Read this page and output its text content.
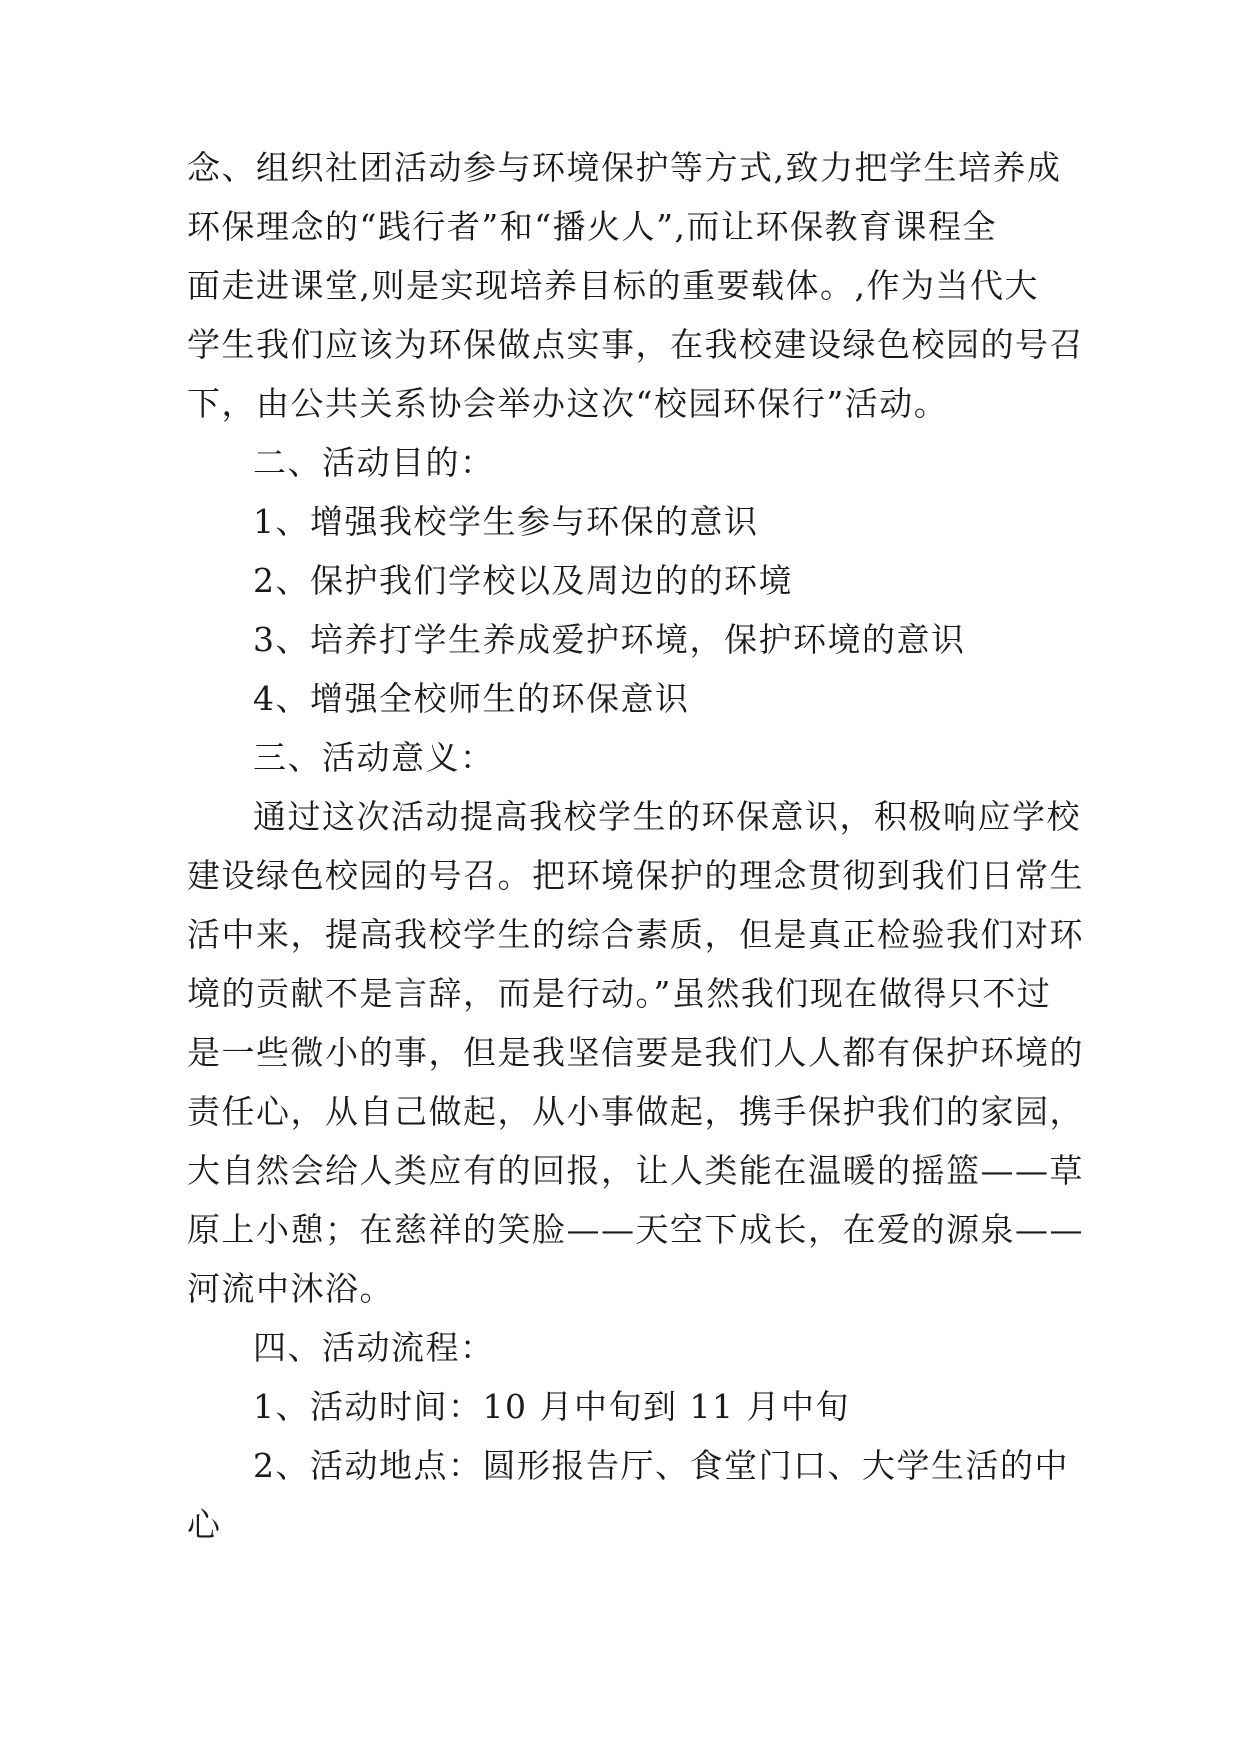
念、组织社团活动参与环境保护等方式,致力把学生培养成
环保理念的“践行者”和“播火人”,而让环保教育课程全
面走进课堂,则是实现培养目标的重要载体。,作为当代大
学生我们应该为环保做点实事，在我校建设绿色校园的号召
下，由公共关系协会举办这次“校园环保行”活动。
二、活动目的：
1、增强我校学生参与环保的意识
2、保护我们学校以及周边的的环境
3、培养打学生养成爱护环境，保护环境的意识
4、增强全校师生的环保意识
三、活动意义：
通过这次活动提高我校学生的环保意识，积极响应学校
建设绿色校园的号召。把环境保护的理念贯彻到我们日常生
活中来，提高我校学生的综合素质，但是真正检验我们对环
境的贡献不是言辞，而是行动。”虽然我们现在做得只不过
是一些微小的事，但是我坚信要是我们人人都有保护环境的
责任心，从自己做起，从小事做起，携手保护我们的家园，
大自然会给人类应有的回报，让人类能在温暖的摇篮——草
原上小憩；在慈祥的笑脸——天空下成长，在爱的源泉——
河流中沐浴。
四、活动流程：
1、活动时间：10 月中旬到 11 月中旬
2、活动地点：圆形报告厅、食堂门口、大学生活的中
心
